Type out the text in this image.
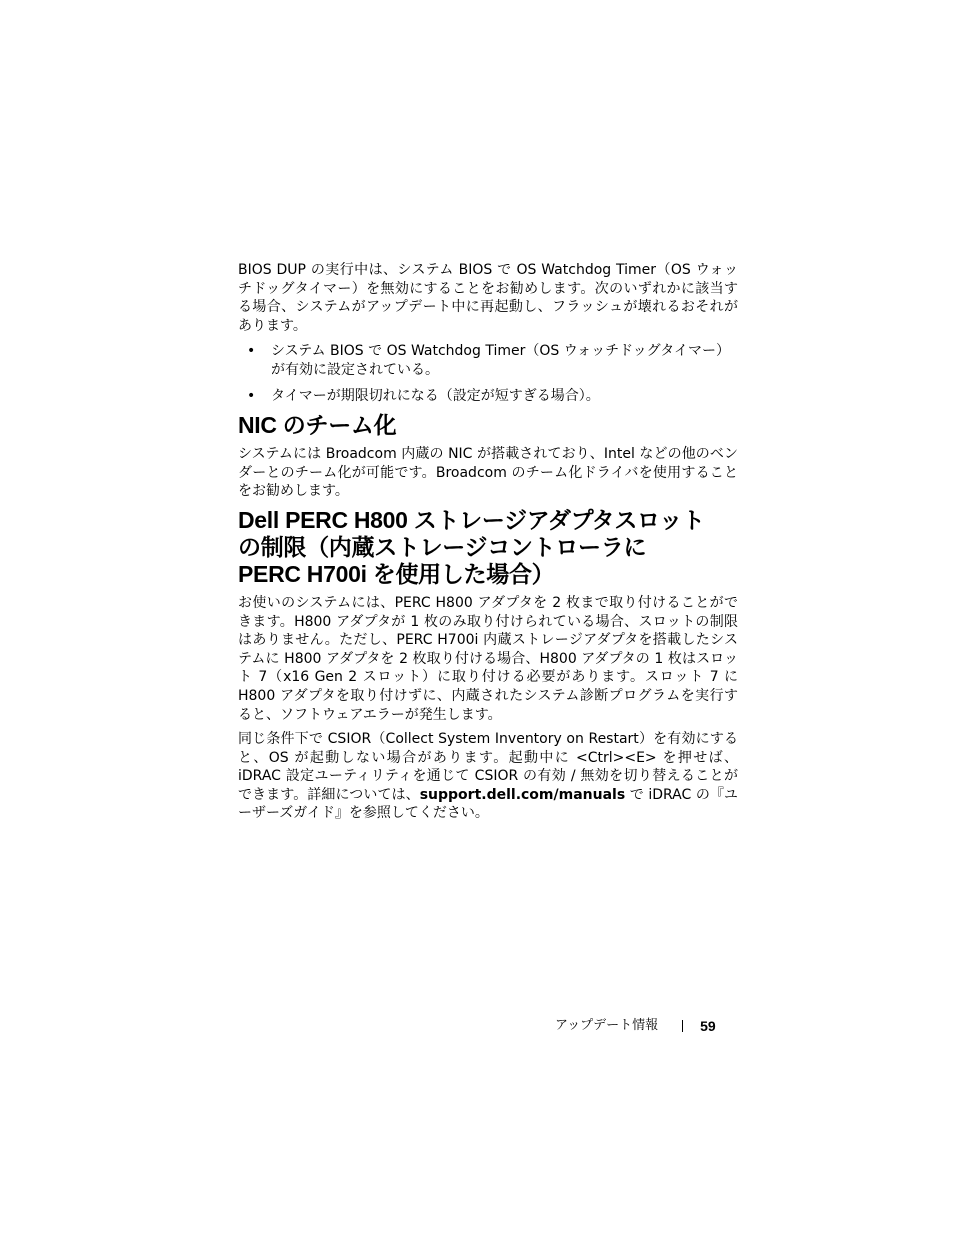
BIOS DUP の実行中は、システム BIOS で OS Watchdog Timer（OS ウォッチドッグタイマー）を無効にすることをお勧めします。次のいずれかに該当する場合、システムがアップデート中に再起動し、フラッシュが壊れるおそれがあります。

• システム BIOS で OS Watchdog Timer（OS ウォッチドッグタイマー）が有効に設定されている。
• タイマーが期限切れになる（設定が短すぎる場合）。
NIC のチーム化

システムには Broadcom 内蔵の NIC が搭載されており、Intel などの他のベンダーとのチーム化が可能です。Broadcom のチーム化ドライバを使用することをお勧めします。

Dell PERC H800 ストレージアダプタスロット
の制限（内蔵ストレージコントローラに
PERC H700i を使用した場合）

お使いのシステムには、PERC H800 アダプタを 2 枚まで取り付けることができます。H800 アダプタが 1 枚のみ取り付けられている場合、スロットの制限はありません。ただし、PERC H700i 内蔵ストレージアダプタを搭載したシステムに H800 アダプタを 2 枚取り付ける場合、H800 アダプタの 1 枚はスロット 7（x16 Gen 2 スロット）に取り付ける必要があります。スロット 7 に H800 アダプタを取り付けずに、内蔵されたシステム診断プログラムを実行すると、ソフトウェアエラーが発生します。

同じ条件下で CSIOR（Collect System Inventory on Restart）を有効にすると、OS が起動しない場合があります。起動中に <Ctrl><E> を押せば、iDRAC 設定ユーティリティを通じて CSIOR の有効 / 無効を切り替えることができます。詳細については、support.dell.com/manuals で iDRAC の『ユーザーズガイド』を参照してください。

アップデート情報	59
